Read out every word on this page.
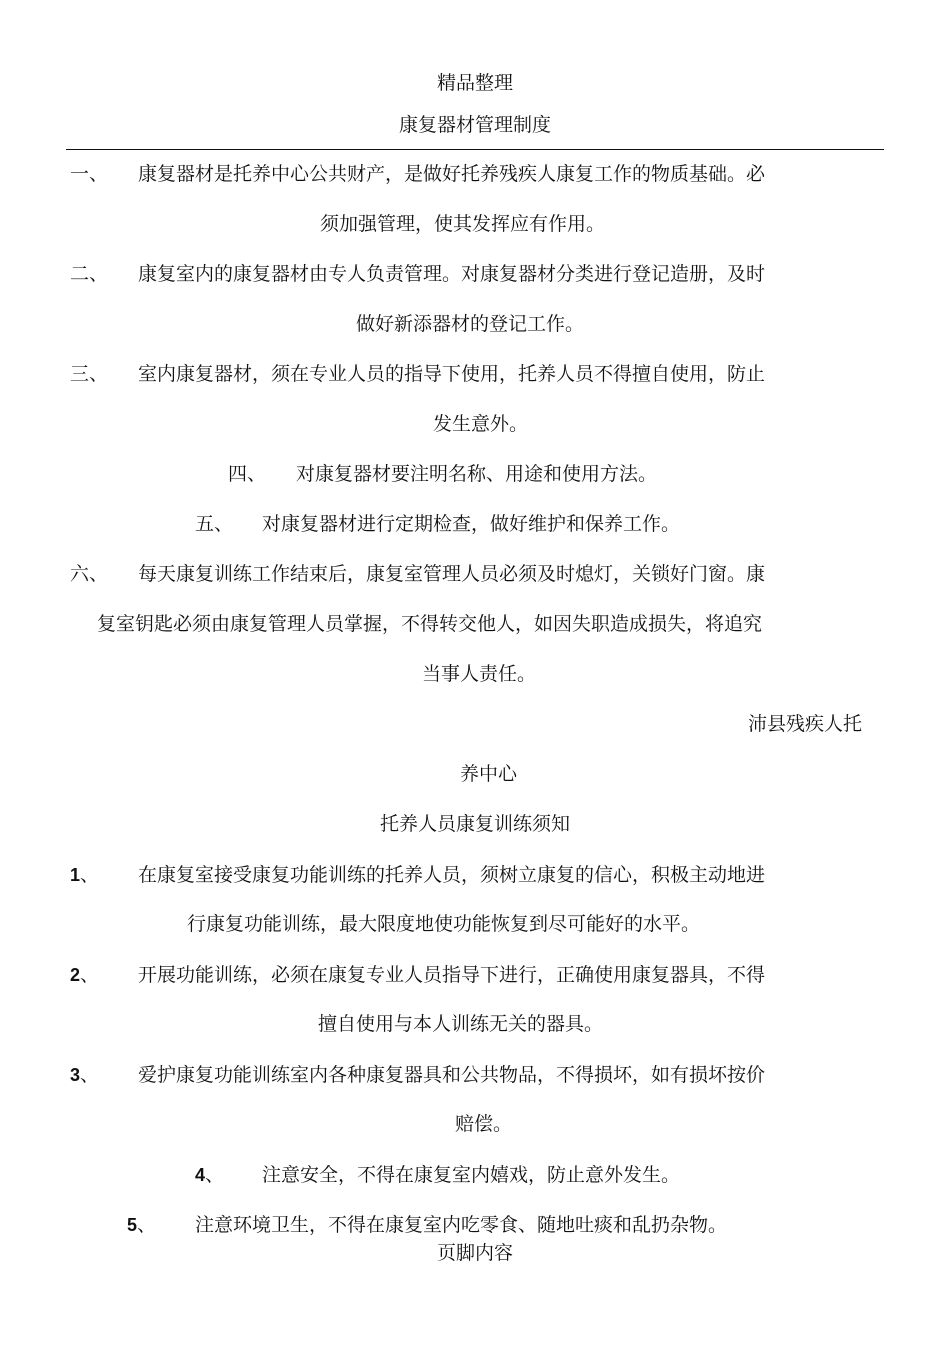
精品整理
康复器材管理制度
一、 康复器材是托养中心公共财产，是做好托养残疾人康复工作的物质基础。必
须加强管理，使其发挥应有作用。
二、 康复室内的康复器材由专人负责管理。对康复器材分类进行登记造册，及时
做好新添器材的登记工作。
三、 室内康复器材，须在专业人员的指导下使用，托养人员不得擅自使用，防止
发生意外。
四、 对康复器材要注明名称、用途和使用方法。
五、 对康复器材进行定期检查，做好维护和保养工作。
六、 每天康复训练工作结束后，康复室管理人员必须及时熄灯，关锁好门窗。康
复室钥匙必须由康复管理人员掌握，不得转交他人，如因失职造成损失，将追究
当事人责任。
沛县残疾人托
养中心
托养人员康复训练须知
1、 在康复室接受康复功能训练的托养人员，须树立康复的信心，积极主动地进
行康复功能训练，最大限度地使功能恢复到尽可能好的水平。
2、 开展功能训练，必须在康复专业人员指导下进行，正确使用康复器具，不得
擅自使用与本人训练无关的器具。
3、 爱护康复功能训练室内各种康复器具和公共物品，不得损坏，如有损坏按价
赔偿。
4、 注意安全，不得在康复室内嬉戏，防止意外发生。
5、 注意环境卫生，不得在康复室内吃零食、随地吐痰和乱扔杂物。
页脚内容
